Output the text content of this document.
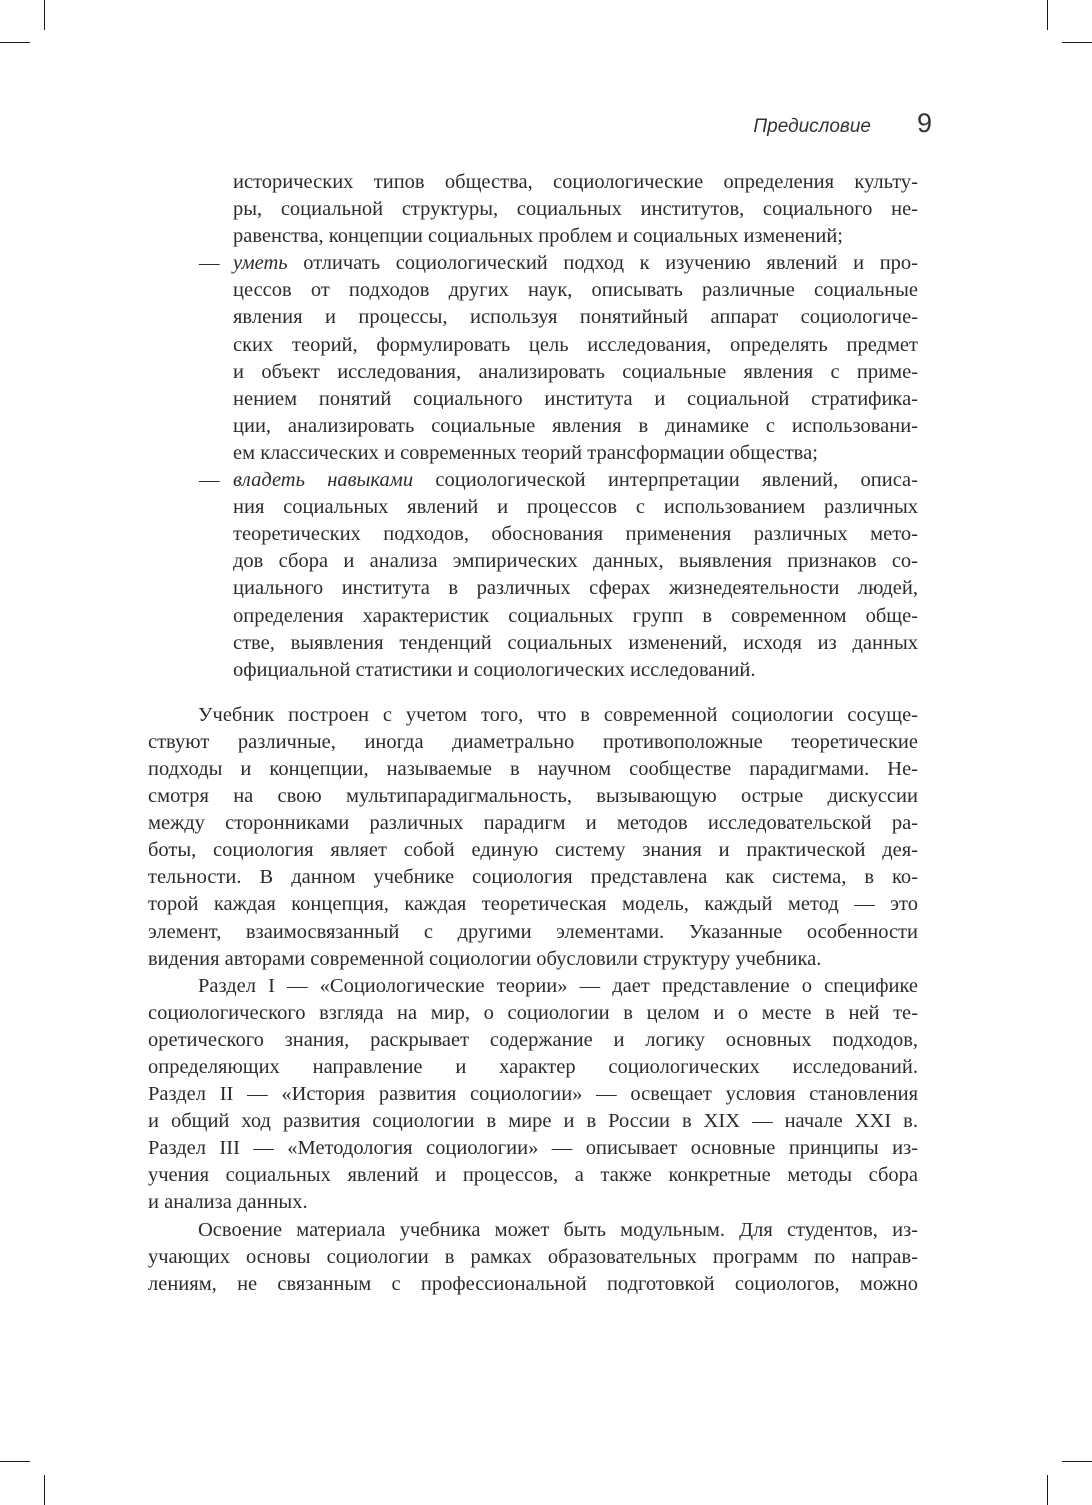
Предисловие 9
исторических типов общества, социологические определения культу-
ры, социальной структуры, социальных институтов, социального не-
равенства, концепции социальных проблем и социальных изменений;
— уметь отличать социологический подход к изучению явлений и про-
цессов от подходов других наук, описывать различные социальные
явления и процессы, используя понятийный аппарат социологиче-
ских теорий, формулировать цель исследования, определять предмет
и объект исследования, анализировать социальные явления с приме-
нением понятий социального института и социальной стратифика-
ции, анализировать социальные явления в динамике с использовани-
ем классических и современных теорий трансформации общества;
— владеть навыками социологической интерпретации явлений, описа-
ния социальных явлений и процессов с использованием различных
теоретических подходов, обоснования применения различных мето-
дов сбора и анализа эмпирических данных, выявления признаков со-
циального института в различных сферах жизнедеятельности людей,
определения характеристик социальных групп в современном обще-
стве, выявления тенденций социальных изменений, исходя из данных
официальной статистики и социологических исследований.
Учебник построен с учетом того, что в современной социологии сосуще-
ствуют различные, иногда диаметрально противоположные теоретические
подходы и концепции, называемые в научном сообществе парадигмами. Не-
смотря на свою мультипарадигмальность, вызывающую острые дискуссии
между сторонниками различных парадигм и методов исследовательской ра-
боты, социология являет собой единую систему знания и практической дея-
тельности. В данном учебнике социология представлена как система, в ко-
торой каждая концепция, каждая теоретическая модель, каждый метод — это
элемент, взаимосвязанный с другими элементами. Указанные особенности
видения авторами современной социологии обусловили структуру учебника.
Раздел I — «Социологические теории» — дает представление о специфике
социологического взгляда на мир, о социологии в целом и о месте в ней те-
оретического знания, раскрывает содержание и логику основных подходов,
определяющих направление и характер социологических исследований.
Раздел II — «История развития социологии» — освещает условия становления
и общий ход развития социологии в мире и в России в XIX — начале XXI в.
Раздел III — «Методология социологии» — описывает основные принципы из-
учения социальных явлений и процессов, а также конкретные методы сбора
и анализа данных.
Освоение материала учебника может быть модульным. Для студентов, из-
учающих основы социологии в рамках образовательных программ по направ-
лениям, не связанным с профессиональной подготовкой социологов, можно
